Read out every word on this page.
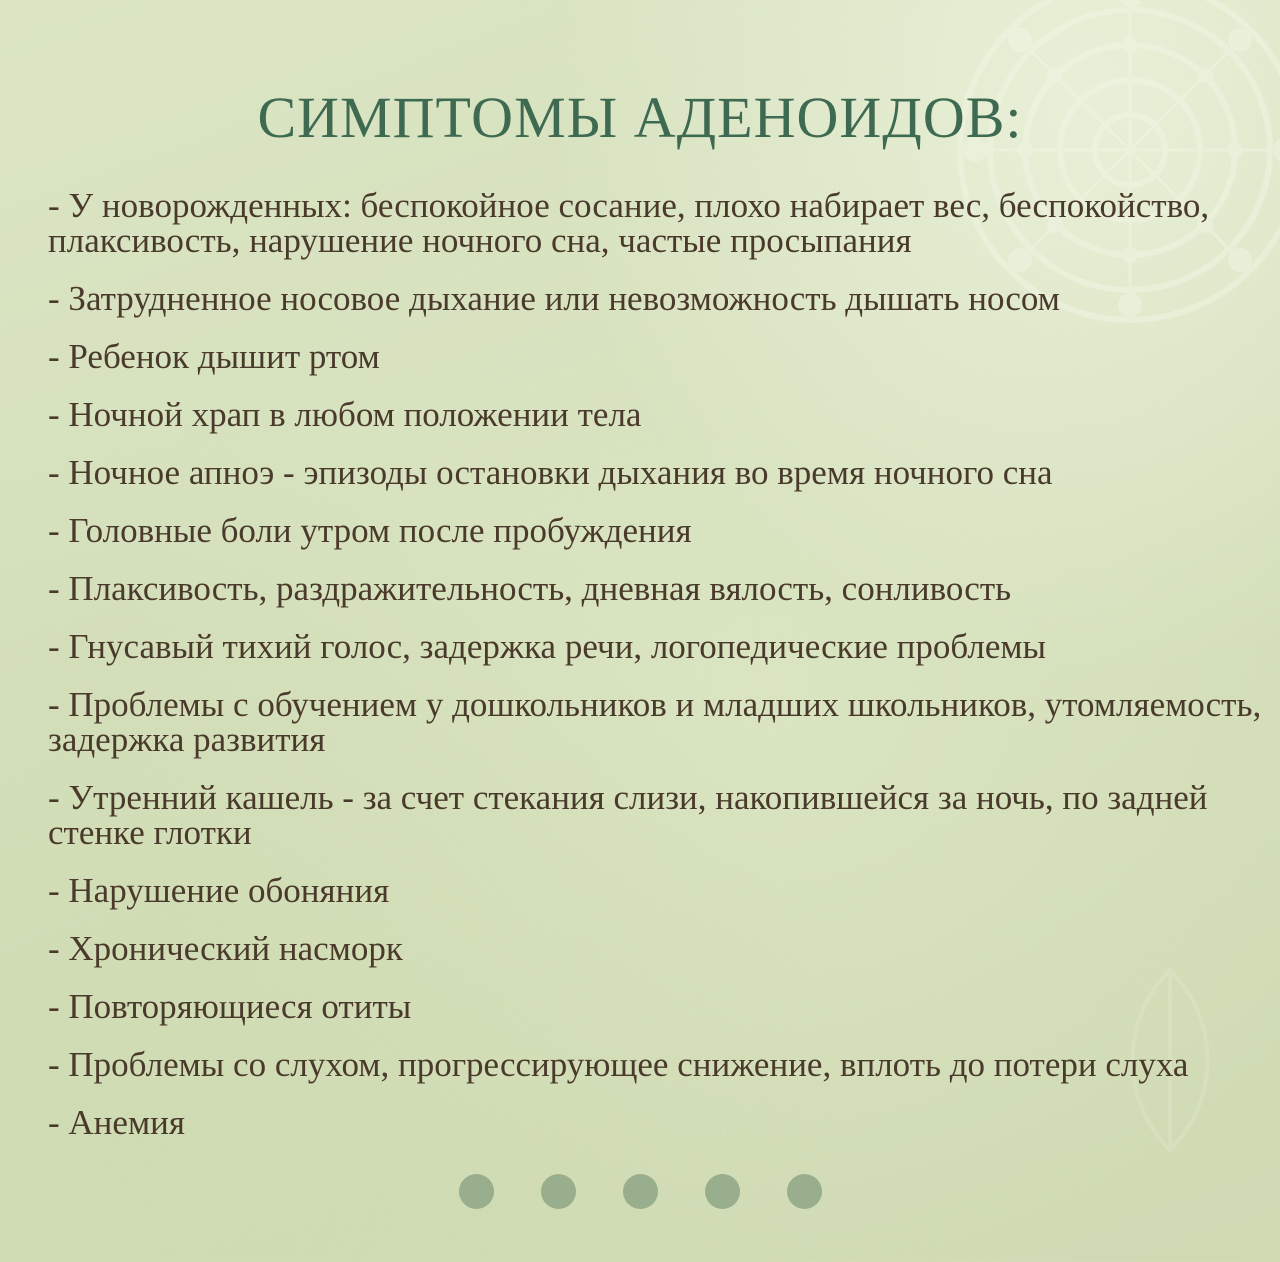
СИМПТОМЫ АДЕНОИДОВ:
- У новорожденных: беспокойное сосание, плохо набирает вес, беспокойство, плаксивость, нарушение ночного сна, частые просыпания
- Затрудненное носовое дыхание или невозможность дышать носом
- Ребенок дышит ртом
- Ночной храп в любом положении тела
- Ночное апноэ - эпизоды остановки дыхания во время ночного сна
- Головные боли утром после пробуждения
- Плаксивость, раздражительность, дневная вялость, сонливость
- Гнусавый тихий голос, задержка речи, логопедические проблемы
- Проблемы с обучением у дошкольников и младших школьников, утомляемость, задержка развития
- Утренний кашель - за счет стекания слизи, накопившейся за ночь, по задней стенке глотки
- Нарушение обоняния
- Хронический насморк
- Повторяющиеся отиты
- Проблемы со слухом, прогрессирующее снижение, вплоть до потери слуха
- Анемия
